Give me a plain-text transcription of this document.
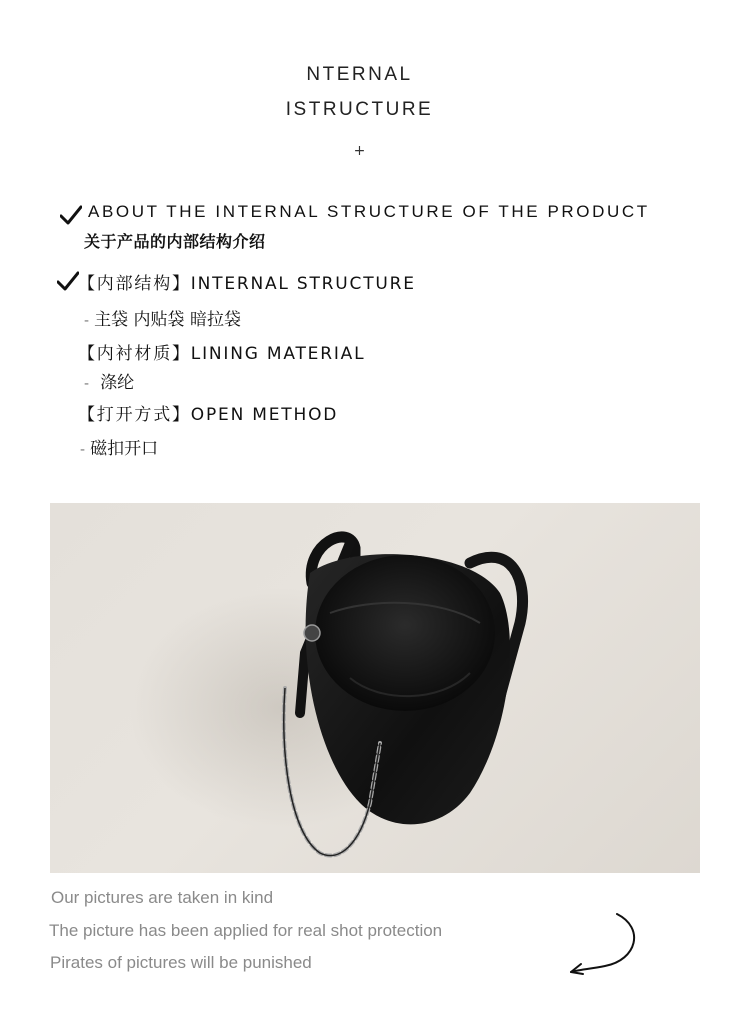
NTERNAL
ISTRUCTURE
+
ABOUT THE INTERNAL STRUCTURE OF THE PRODUCT
关于产品的内部结构介绍
【内部结构】INTERNAL STRUCTURE
- 主袋 内贴袋 暗拉袋
【内衬材质】LINING MATERIAL
- 涤纶
【打开方式】OPEN METHOD
- 磁扣开口
Our pictures are taken in kind
The picture has been applied for real shot protection
Pirates of pictures will be punished
